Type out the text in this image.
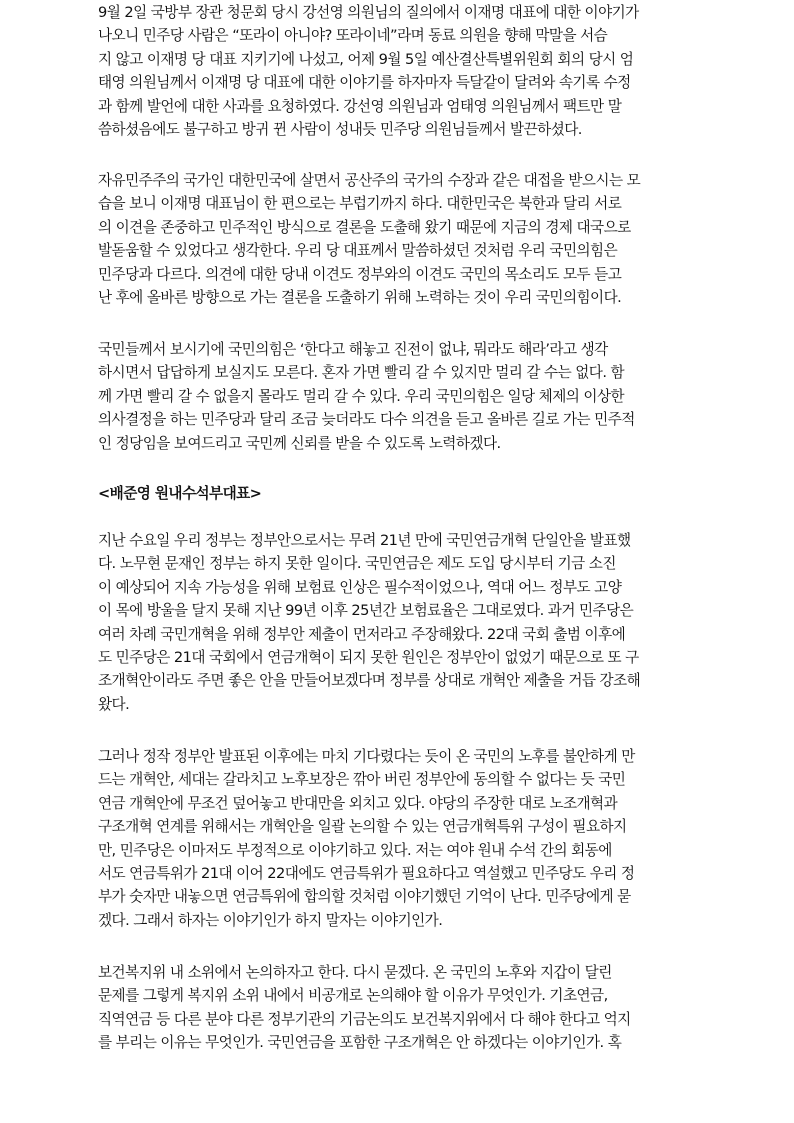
9월 2일 국방부 장관 청문회 당시 강선영 의원님의 질의에서 이재명 대표에 대한 이야기가
나오니 민주당 사람은 “또라이 아니야? 또라이네”라며 동료 의원을 향해 막말을 서슴
지 않고 이재명 당 대표 지키기에 나섰고, 어제 9월 5일 예산결산특별위원회 회의 당시 엄
태영 의원님께서 이재명 당 대표에 대한 이야기를 하자마자 득달같이 달려와 속기록 수정
과 함께 발언에 대한 사과를 요청하였다. 강선영 의원님과 엄태영 의원님께서 팩트만 말
씀하셨음에도 불구하고 방귀 뀐 사람이 성내듯 민주당 의원님들께서 발끈하셨다.
자유민주주의 국가인 대한민국에 살면서 공산주의 국가의 수장과 같은 대접을 받으시는 모
습을 보니 이재명 대표님이 한 편으로는 부럽기까지 하다. 대한민국은 북한과 달리 서로
의 이견을 존중하고 민주적인 방식으로 결론을 도출해 왔기 때문에 지금의 경제 대국으로
발돋움할 수 있었다고 생각한다. 우리 당 대표께서 말씀하셨던 것처럼 우리 국민의힘은
민주당과 다르다. 의견에 대한 당내 이견도 정부와의 이견도 국민의 목소리도 모두 듣고
난 후에 올바른 방향으로 가는 결론을 도출하기 위해 노력하는 것이 우리 국민의힘이다.
국민들께서 보시기에 국민의힘은 ‘한다고 해놓고 진전이 없냐, 뭐라도 해라’라고 생각
하시면서 답답하게 보실지도 모른다. 혼자 가면 빨리 갈 수 있지만 멀리 갈 수는 없다. 함
께 가면 빨리 갈 수 없을지 몰라도 멀리 갈 수 있다. 우리 국민의힘은 일당 체제의 이상한
의사결정을 하는 민주당과 달리 조금 늦더라도 다수 의견을 듣고 올바른 길로 가는 민주적
인 정당임을 보여드리고 국민께 신뢰를 받을 수 있도록 노력하겠다.
<배준영 원내수석부대표>
지난 수요일 우리 정부는 정부안으로서는 무려 21년 만에 국민연금개혁 단일안을 발표했
다. 노무현 문재인 정부는 하지 못한 일이다. 국민연금은 제도 도입 당시부터 기금 소진
이 예상되어 지속 가능성을 위해 보험료 인상은 필수적이었으나, 역대 어느 정부도 고양
이 목에 방울을 달지 못해 지난 99년 이후 25년간 보험료율은 그대로였다. 과거 민주당은
여러 차례 국민개혁을 위해 정부안 제출이 먼저라고 주장해왔다. 22대 국회 출범 이후에
도 민주당은 21대 국회에서 연금개혁이 되지 못한 원인은 정부안이 없었기 때문으로 또 구
조개혁안이라도 주면 좋은 안을 만들어보겠다며 정부를 상대로 개혁안 제출을 거듭 강조해
왔다.
그러나 정작 정부안 발표된 이후에는 마치 기다렸다는 듯이 온 국민의 노후를 불안하게 만
드는 개혁안, 세대는 갈라치고 노후보장은 깎아 버린 정부안에 동의할 수 없다는 듯 국민
연금 개혁안에 무조건 덮어놓고 반대만을 외치고 있다. 야당의 주장한 대로 노조개혁과
구조개혁 연계를 위해서는 개혁안을 일괄 논의할 수 있는 연금개혁특위 구성이 필요하지
만, 민주당은 이마저도 부정적으로 이야기하고 있다. 저는 여야 원내 수석 간의 회동에
서도 연금특위가 21대 이어 22대에도 연금특위가 필요하다고 역설했고 민주당도 우리 정
부가 숫자만 내놓으면 연금특위에 합의할 것처럼 이야기했던 기억이 난다. 민주당에게 묻
겠다. 그래서 하자는 이야기인가 하지 말자는 이야기인가.
보건복지위 내 소위에서 논의하자고 한다. 다시 묻겠다. 온 국민의 노후와 지갑이 달린
문제를 그렇게 복지위 소위 내에서 비공개로 논의해야 할 이유가 무엇인가. 기초연금,
직역연금 등 다른 분야 다른 정부기관의 기금논의도 보건복지위에서 다 해야 한다고 억지
를 부리는 이유는 무엇인가. 국민연금을 포함한 구조개혁은 안 하겠다는 이야기인가. 혹
